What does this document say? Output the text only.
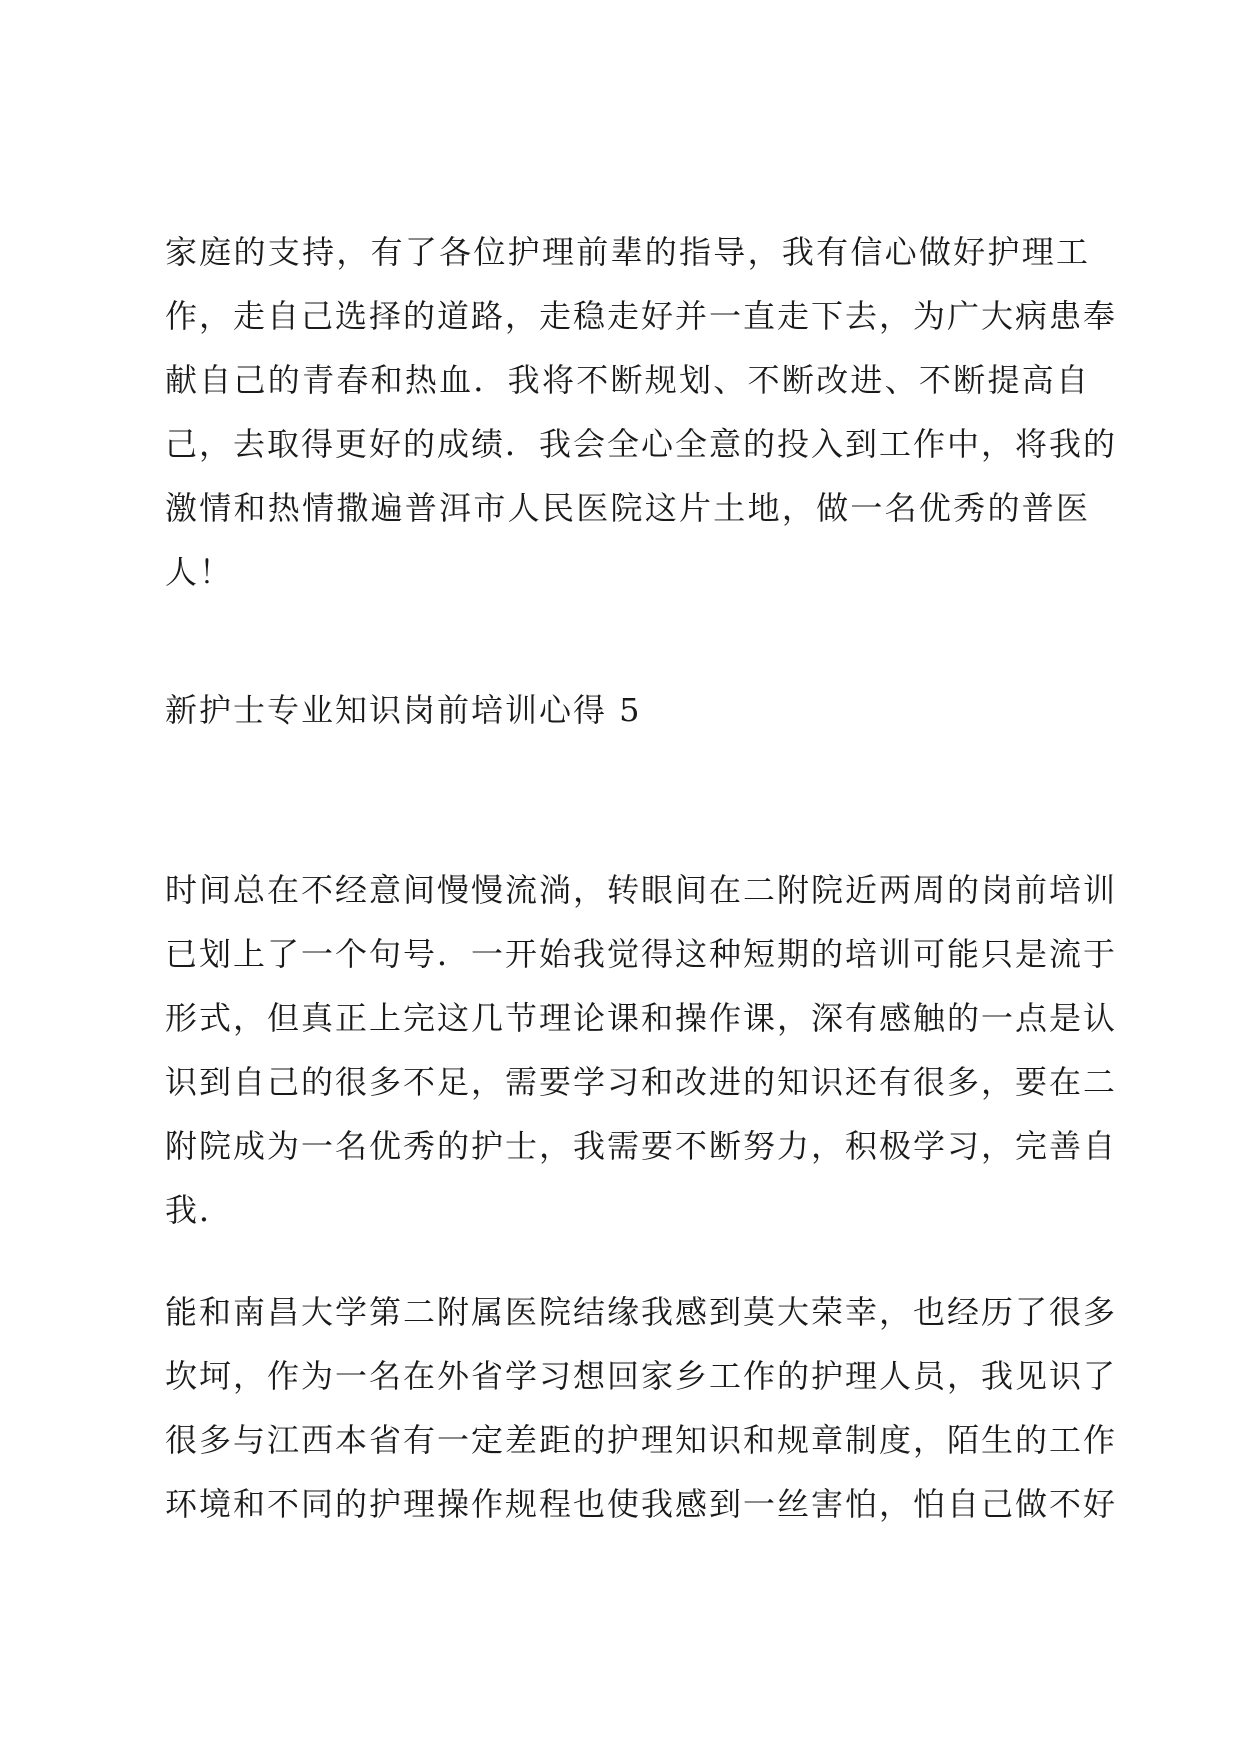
家庭的支持，有了各位护理前辈的指导，我有信心做好护理工
作，走自己选择的道路，走稳走好并一直走下去，为广大病患奉
献自己的青春和热血．我将不断规划、不断改进、不断提高自
己，去取得更好的成绩．我会全心全意的投入到工作中，将我的
激情和热情撒遍普洱市人民医院这片土地，做一名优秀的普医
人！
新护士专业知识岗前培训心得 5
时间总在不经意间慢慢流淌，转眼间在二附院近两周的岗前培训
已划上了一个句号．一开始我觉得这种短期的培训可能只是流于
形式，但真正上完这几节理论课和操作课，深有感触的一点是认
识到自己的很多不足，需要学习和改进的知识还有很多，要在二
附院成为一名优秀的护士，我需要不断努力，积极学习，完善自
我．
能和南昌大学第二附属医院结缘我感到莫大荣幸，也经历了很多
坎坷，作为一名在外省学习想回家乡工作的护理人员，我见识了
很多与江西本省有一定差距的护理知识和规章制度，陌生的工作
环境和不同的护理操作规程也使我感到一丝害怕，怕自己做不好
